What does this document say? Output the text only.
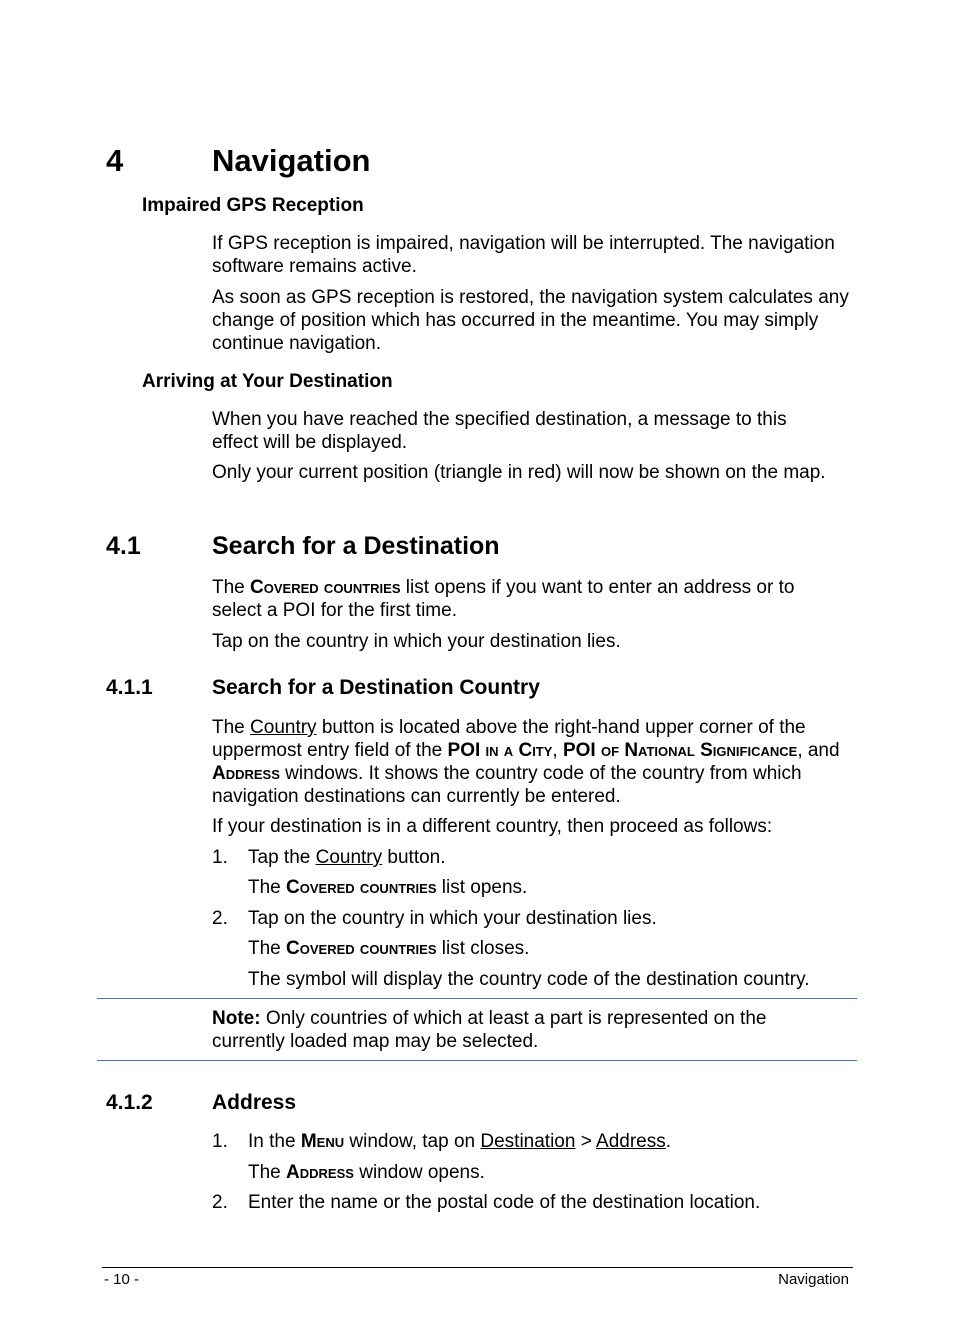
4	Navigation
Impaired GPS Reception
If GPS reception is impaired, navigation will be interrupted. The navigation software remains active.
As soon as GPS reception is restored, the navigation system calculates any change of position which has occurred in the meantime. You may simply continue navigation.
Arriving at Your Destination
When you have reached the specified destination, a message to this effect will be displayed.
Only your current position (triangle in red) will now be shown on the map.
4.1	Search for a Destination
The Covered countries list opens if you want to enter an address or to select a POI for the first time.
Tap on the country in which your destination lies.
4.1.1	Search for a Destination Country
The Country button is located above the right-hand upper corner of the uppermost entry field of the POI in a City, POI of National Significance, and Address windows. It shows the country code of the country from which navigation destinations can currently be entered.
If your destination is in a different country, then proceed as follows:
1. Tap the Country button.
The Covered countries list opens.
2. Tap on the country in which your destination lies.
The Covered countries list closes.
The symbol will display the country code of the destination country.
Note: Only countries of which at least a part is represented on the currently loaded map may be selected.
4.1.2	Address
1. In the Menu window, tap on Destination > Address.
The Address window opens.
2. Enter the name or the postal code of the destination location.
- 10 -	Navigation
